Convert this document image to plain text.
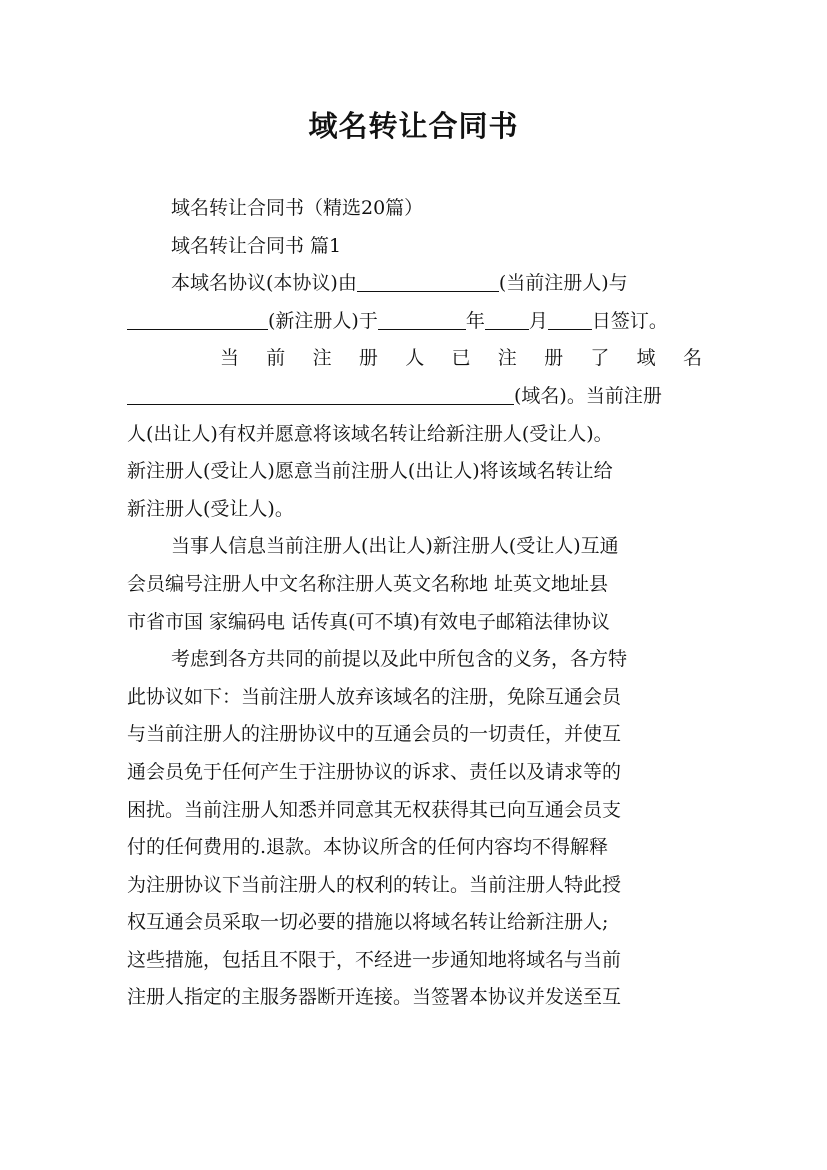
域名转让合同书
域名转让合同书（精选20篇）
域名转让合同书 篇1
本域名协议(本协议)由	(当前注册人)与
(新注册人)于	年 月 日签订。
当 前 注 册 人 已 注 册 了 域 名
(域名)。当前注册
人(出让人)有权并愿意将该域名转让给新注册人(受让人)。
新注册人(受让人)愿意当前注册人(出让人)将该域名转让给
新注册人(受让人)。
当事人信息当前注册人(出让人)新注册人(受让人)互通
会员编号注册人中文名称注册人英文名称地 址英文地址县
市省市国 家编码电 话传真(可不填)有效电子邮箱法律协议
考虑到各方共同的前提以及此中所包含的义务，各方特
此协议如下：当前注册人放弃该域名的注册，免除互通会员
与当前注册人的注册协议中的互通会员的一切责任，并使互
通会员免于任何产生于注册协议的诉求、责任以及请求等的
困扰。当前注册人知悉并同意其无权获得其已向互通会员支
付的任何费用的.退款。本协议所含的任何内容均不得解释
为注册协议下当前注册人的权利的转让。当前注册人特此授
权互通会员采取一切必要的措施以将域名转让给新注册人;
这些措施，包括且不限于，不经进一步通知地将域名与当前
注册人指定的主服务器断开连接。当签署本协议并发送至互
